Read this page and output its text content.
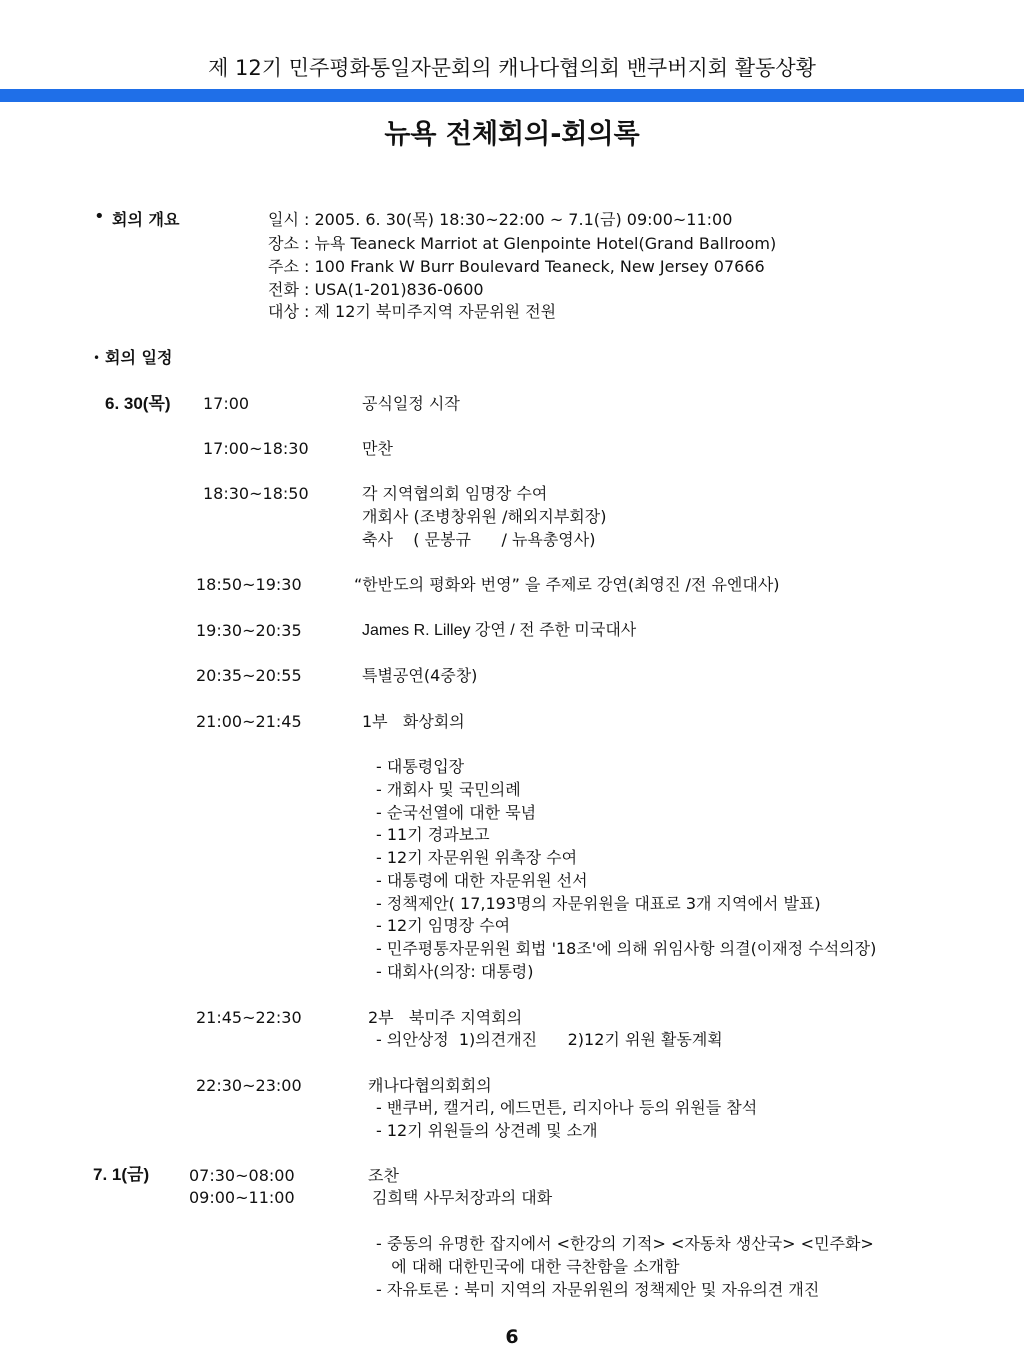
제 12기 민주평화통일자문회의 캐나다협의회 밴쿠버지회 활동상황
뉴욕 전체회의-회의록
• 회의 개요	일시 : 2005. 6. 30(목) 18:30~22:00 ~ 7.1(금) 09:00~11:00
장소 : 뉴욕 Teaneck Marriot at Glenpointe Hotel(Grand Ballroom)
주소 : 100 Frank W Burr Boulevard Teaneck, New Jersey 07666
전화 : USA(1-201)836-0600
대상 : 제 12기 북미주지역 자문위원 전원
• 회의 일정
6. 30(목) 17:00	공식일정 시작
17:00~18:30	만찬
18:30~18:50	각 지역협의회 임명장 수여
개회사 (조병창위원 /해외지부회장)
축사    ( 문봉규      / 뉴욕총영사)
18:50~19:30	“한반도의 평화와 번영” 을 주제로 강연(최영진 /전 유엔대사)
19:30~20:35	James R. Lilley 강연 / 전 주한 미국대사
20:35~20:55	특별공연(4중창)
21:00~21:45	1부   화상회의
- 대통령입장
- 개회사 및 국민의례
- 순국선열에 대한 묵념
- 11기 경과보고
- 12기 자문위원 위촉장 수여
- 대통령에 대한 자문위원 선서
- 정책제안( 17,193명의 자문위원을 대표로 3개 지역에서 발표)
- 12기 임명장 수여
- 민주평통자문위원 회법 '18조'에 의해 위임사항 의결(이재정 수석의장)
- 대회사(의장: 대통령)
21:45~22:30	2부   북미주 지역회의
- 의안상정  1)의견개진      2)12기 위원 활동계획
22:30~23:00	캐나다협의회회의
- 밴쿠버, 캘거리, 에드먼튼, 리지아나 등의 위원들 참석
- 12기 위원들의 상견례 및 소개
7. 1(금) 07:30~08:00	조찬
09:00~11:00	김희택 사무처장과의 대화
- 중동의 유명한 잡지에서 <한강의 기적> <자동차 생산국> <민주화>
에 대해 대한민국에 대한 극찬함을 소개함
- 자유토론 : 북미 지역의 자문위원의 정책제안 및 자유의견 개진
6
